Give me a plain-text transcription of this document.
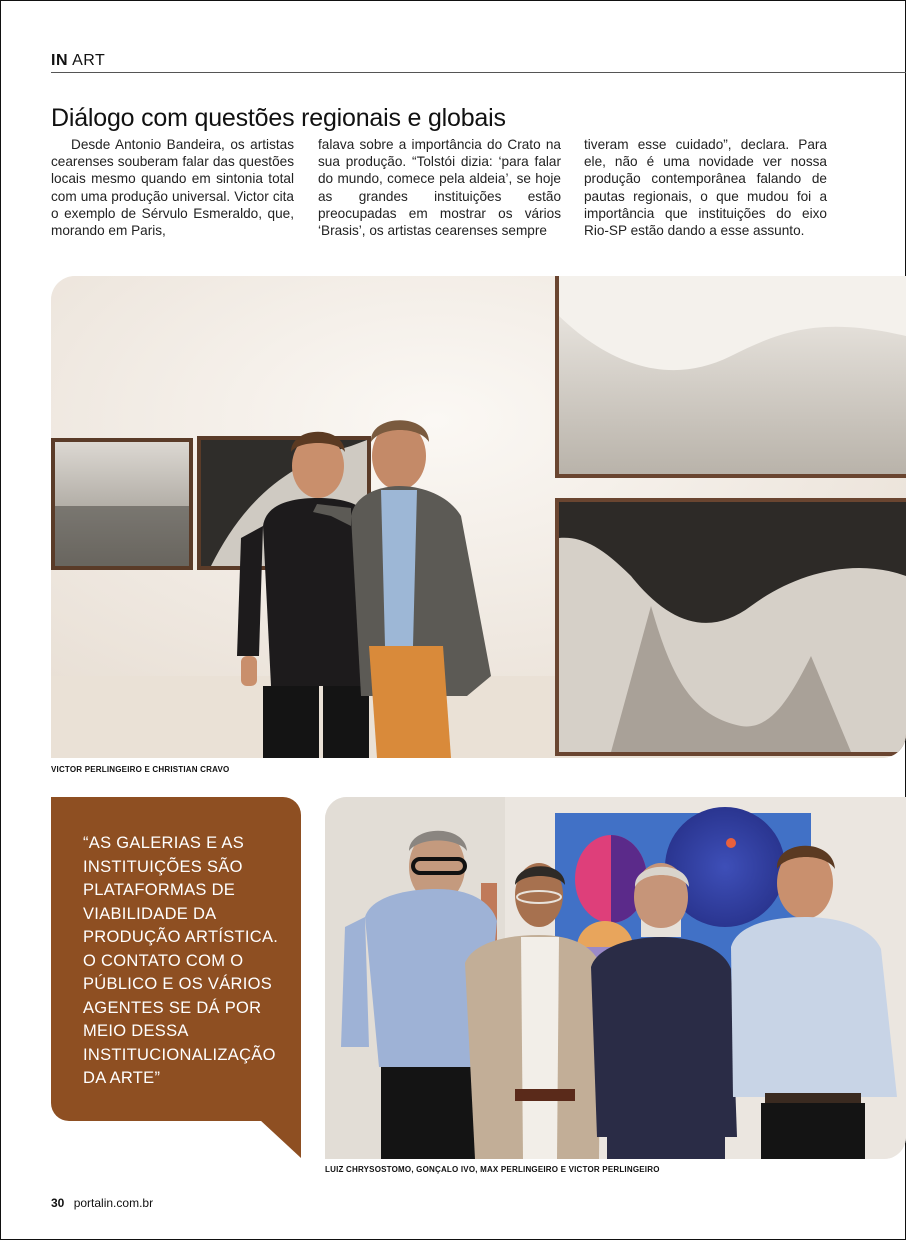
IN ART
Diálogo com questões regionais e globais

Desde Antonio Bandeira, os artistas cearenses souberam falar das questões locais mesmo quando em sintonia total com uma produção universal. Victor cita o exemplo de Sérvulo Esmeraldo, que, morando em Paris,

falava sobre a importância do Crato na sua produção. “Tolstói dizia: ‘para falar do mundo, comece pela aldeia’, se hoje as grandes instituições estão preocupadas em mostrar os vários ‘Brasis’, os artistas cearenses sempre

tiveram esse cuidado”, declara. Para ele, não é uma novidade ver nossa produção contemporânea falando de pautas regionais, o que mudou foi a importância que instituições do eixo Rio-SP estão dando a esse assunto.

VICTOR PERLINGEIRO E CHRISTIAN CRAVO

“AS GALERIAS E AS INSTITUIÇÕES SÃO PLATAFORMAS DE VIABILIDADE DA PRODUÇÃO ARTÍSTICA. O CONTATO COM O PÚBLICO E OS VÁRIOS AGENTES SE DÁ POR MEIO DESSA INSTITUCIONALIZAÇÃO DA ARTE”

LUIZ CHRYSOSTOMO, GONÇALO IVO, MAX PERLINGEIRO E VICTOR PERLINGEIRO
30 portalin.com.br
